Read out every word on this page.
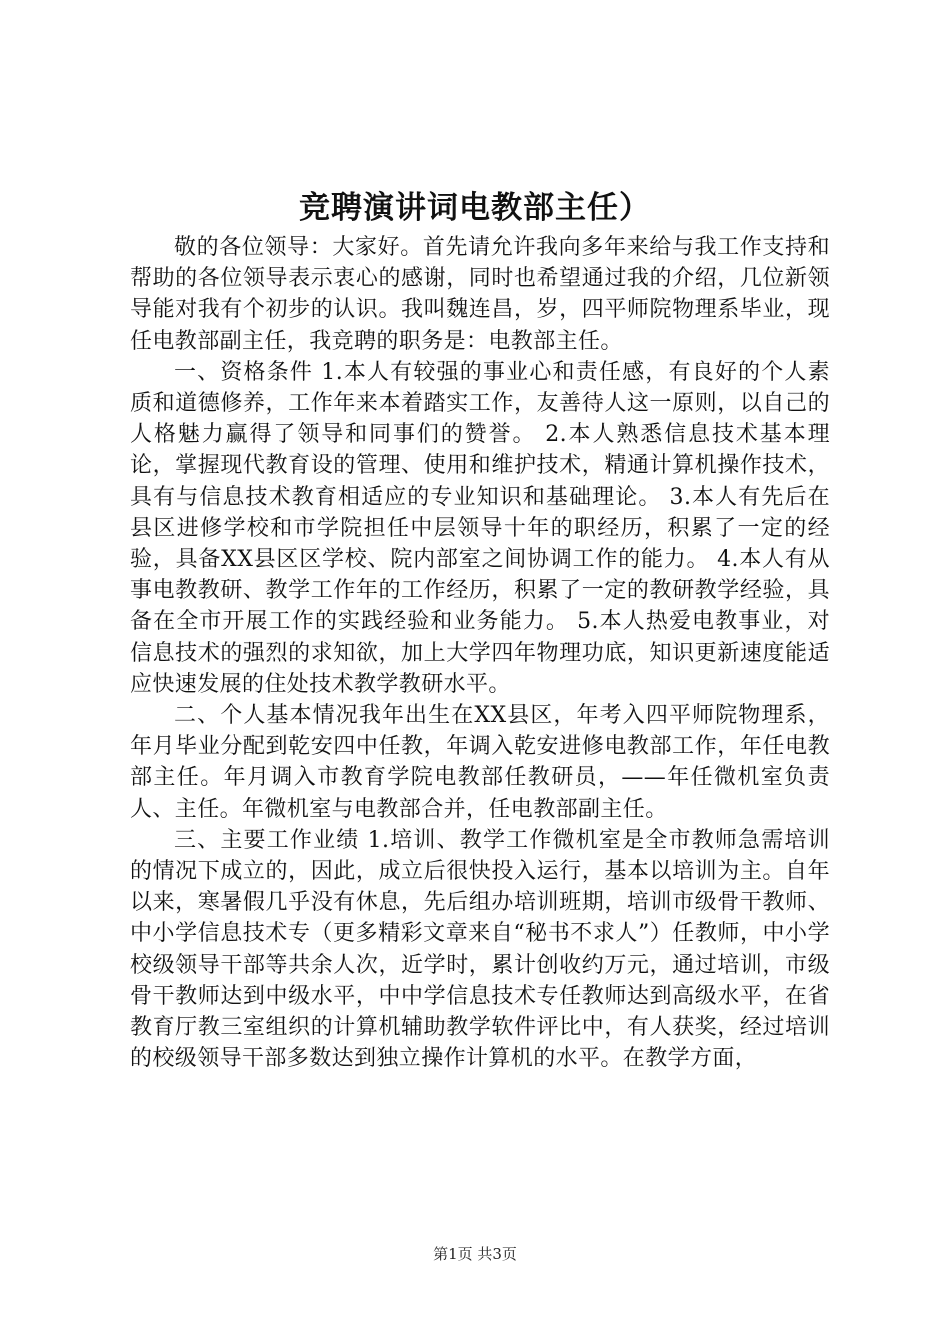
竞聘演讲词电教部主任）

敬的各位领导：大家好。首先请允许我向多年来给与我工作支持和帮助的各位领导表示衷心的感谢，同时也希望通过我的介绍，几位新领导能对我有个初步的认识。我叫魏连昌，岁，四平师院物理系毕业，现任电教部副主任，我竞聘的职务是：电教部主任。

一、资格条件 1.本人有较强的事业心和责任感，有良好的个人素质和道德修养，工作年来本着踏实工作，友善待人这一原则，以自己的人格魅力赢得了领导和同事们的赞誉。 2.本人熟悉信息技术基本理论，掌握现代教育设的管理、使用和维护技术，精通计算机操作技术，具有与信息技术教育相适应的专业知识和基础理论。 3.本人有先后在县区进修学校和市学院担任中层领导十年的职经历，积累了一定的经验，具备XX县区区学校、院内部室之间协调工作的能力。 4.本人有从事电教教研、教学工作年的工作经历，积累了一定的教研教学经验，具备在全市开展工作的实践经验和业务能力。 5.本人热爱电教事业，对信息技术的强烈的求知欲，加上大学四年物理功底，知识更新速度能适应快速发展的住处技术教学教研水平。

二、个人基本情况我年出生在XX县区，年考入四平师院物理系，年月毕业分配到乾安四中任教，年调入乾安进修电教部工作，年任电教部主任。年月调入市教育学院电教部任教研员，——年任微机室负责人、主任。年微机室与电教部合并，任电教部副主任。

三、主要工作业绩 1.培训、教学工作微机室是全市教师急需培训的情况下成立的，因此，成立后很快投入运行，基本以培训为主。自年以来，寒暑假几乎没有休息，先后组办培训班期，培训市级骨干教师、中小学信息技术专（更多精彩文章来自“秘书不求人”）任教师，中小学校级领导干部等共余人次，近学时，累计创收约万元，通过培训，市级骨干教师达到中级水平，中中学信息技术专任教师达到高级水平，在省教育厅教三室组织的计算机辅助教学软件评比中，有人获奖，经过培训的校级领导干部多数达到独立操作计算机的水平。在教学方面，

第1页 共3页
